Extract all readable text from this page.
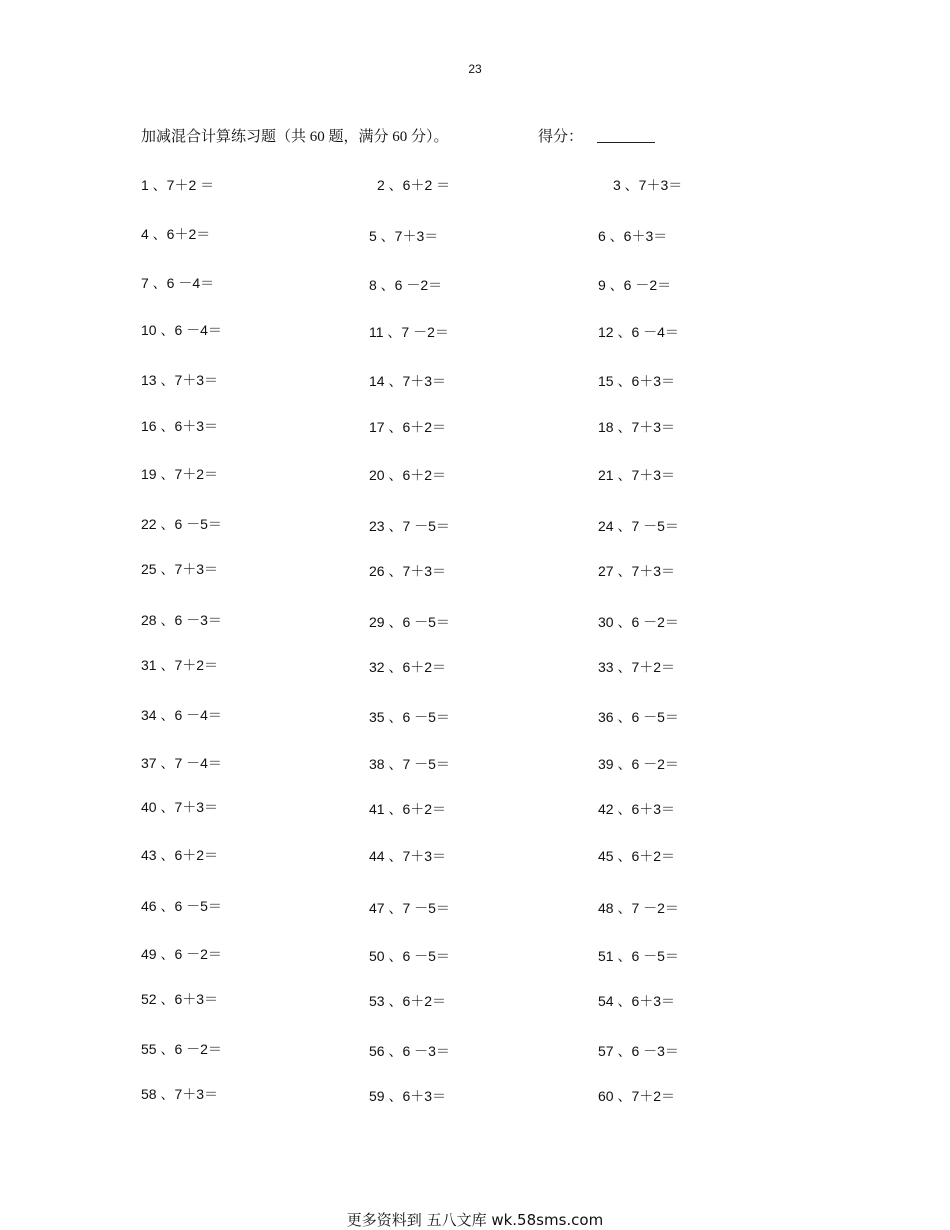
23
加减混合计算练习题（共 60 题，满分 60 分）。	得分：
1 、7＋2 ＝	2 、6＋2 ＝	3 、7＋3＝
4 、6＋2＝	5 、7＋3＝	6 、6＋3＝
7 、6 －4＝	8 、6 －2＝	9 、6 －2＝
10 、6 －4＝	11 、7 －2＝	12 、6 －4＝
13 、7＋3＝	14 、7＋3＝	15 、6＋3＝
16 、6＋3＝	17 、6＋2＝	18 、7＋3＝
19 、7＋2＝	20 、6＋2＝	21 、7＋3＝
22 、6 －5＝	23 、7 －5＝	24 、7 －5＝
25 、7＋3＝	26 、7＋3＝	27 、7＋3＝
28 、6 －3＝	29 、6 －5＝	30 、6 －2＝
31 、7＋2＝	32 、6＋2＝	33 、7＋2＝
34 、6 －4＝	35 、6 －5＝	36 、6 －5＝
37 、7 －4＝	38 、7 －5＝	39 、6 －2＝
40 、7＋3＝	41 、6＋2＝	42 、6＋3＝
43 、6＋2＝	44 、7＋3＝	45 、6＋2＝
46 、6 －5＝	47 、7 －5＝	48 、7 －2＝
49 、6 －2＝	50 、6 －5＝	51 、6 －5＝
52 、6＋3＝	53 、6＋2＝	54 、6＋3＝
55 、6 －2＝	56 、6 －3＝	57 、6 －3＝
58 、7＋3＝	59 、6＋3＝	60 、7＋2＝
更多资料到 五八文库 wk.58sms.com
